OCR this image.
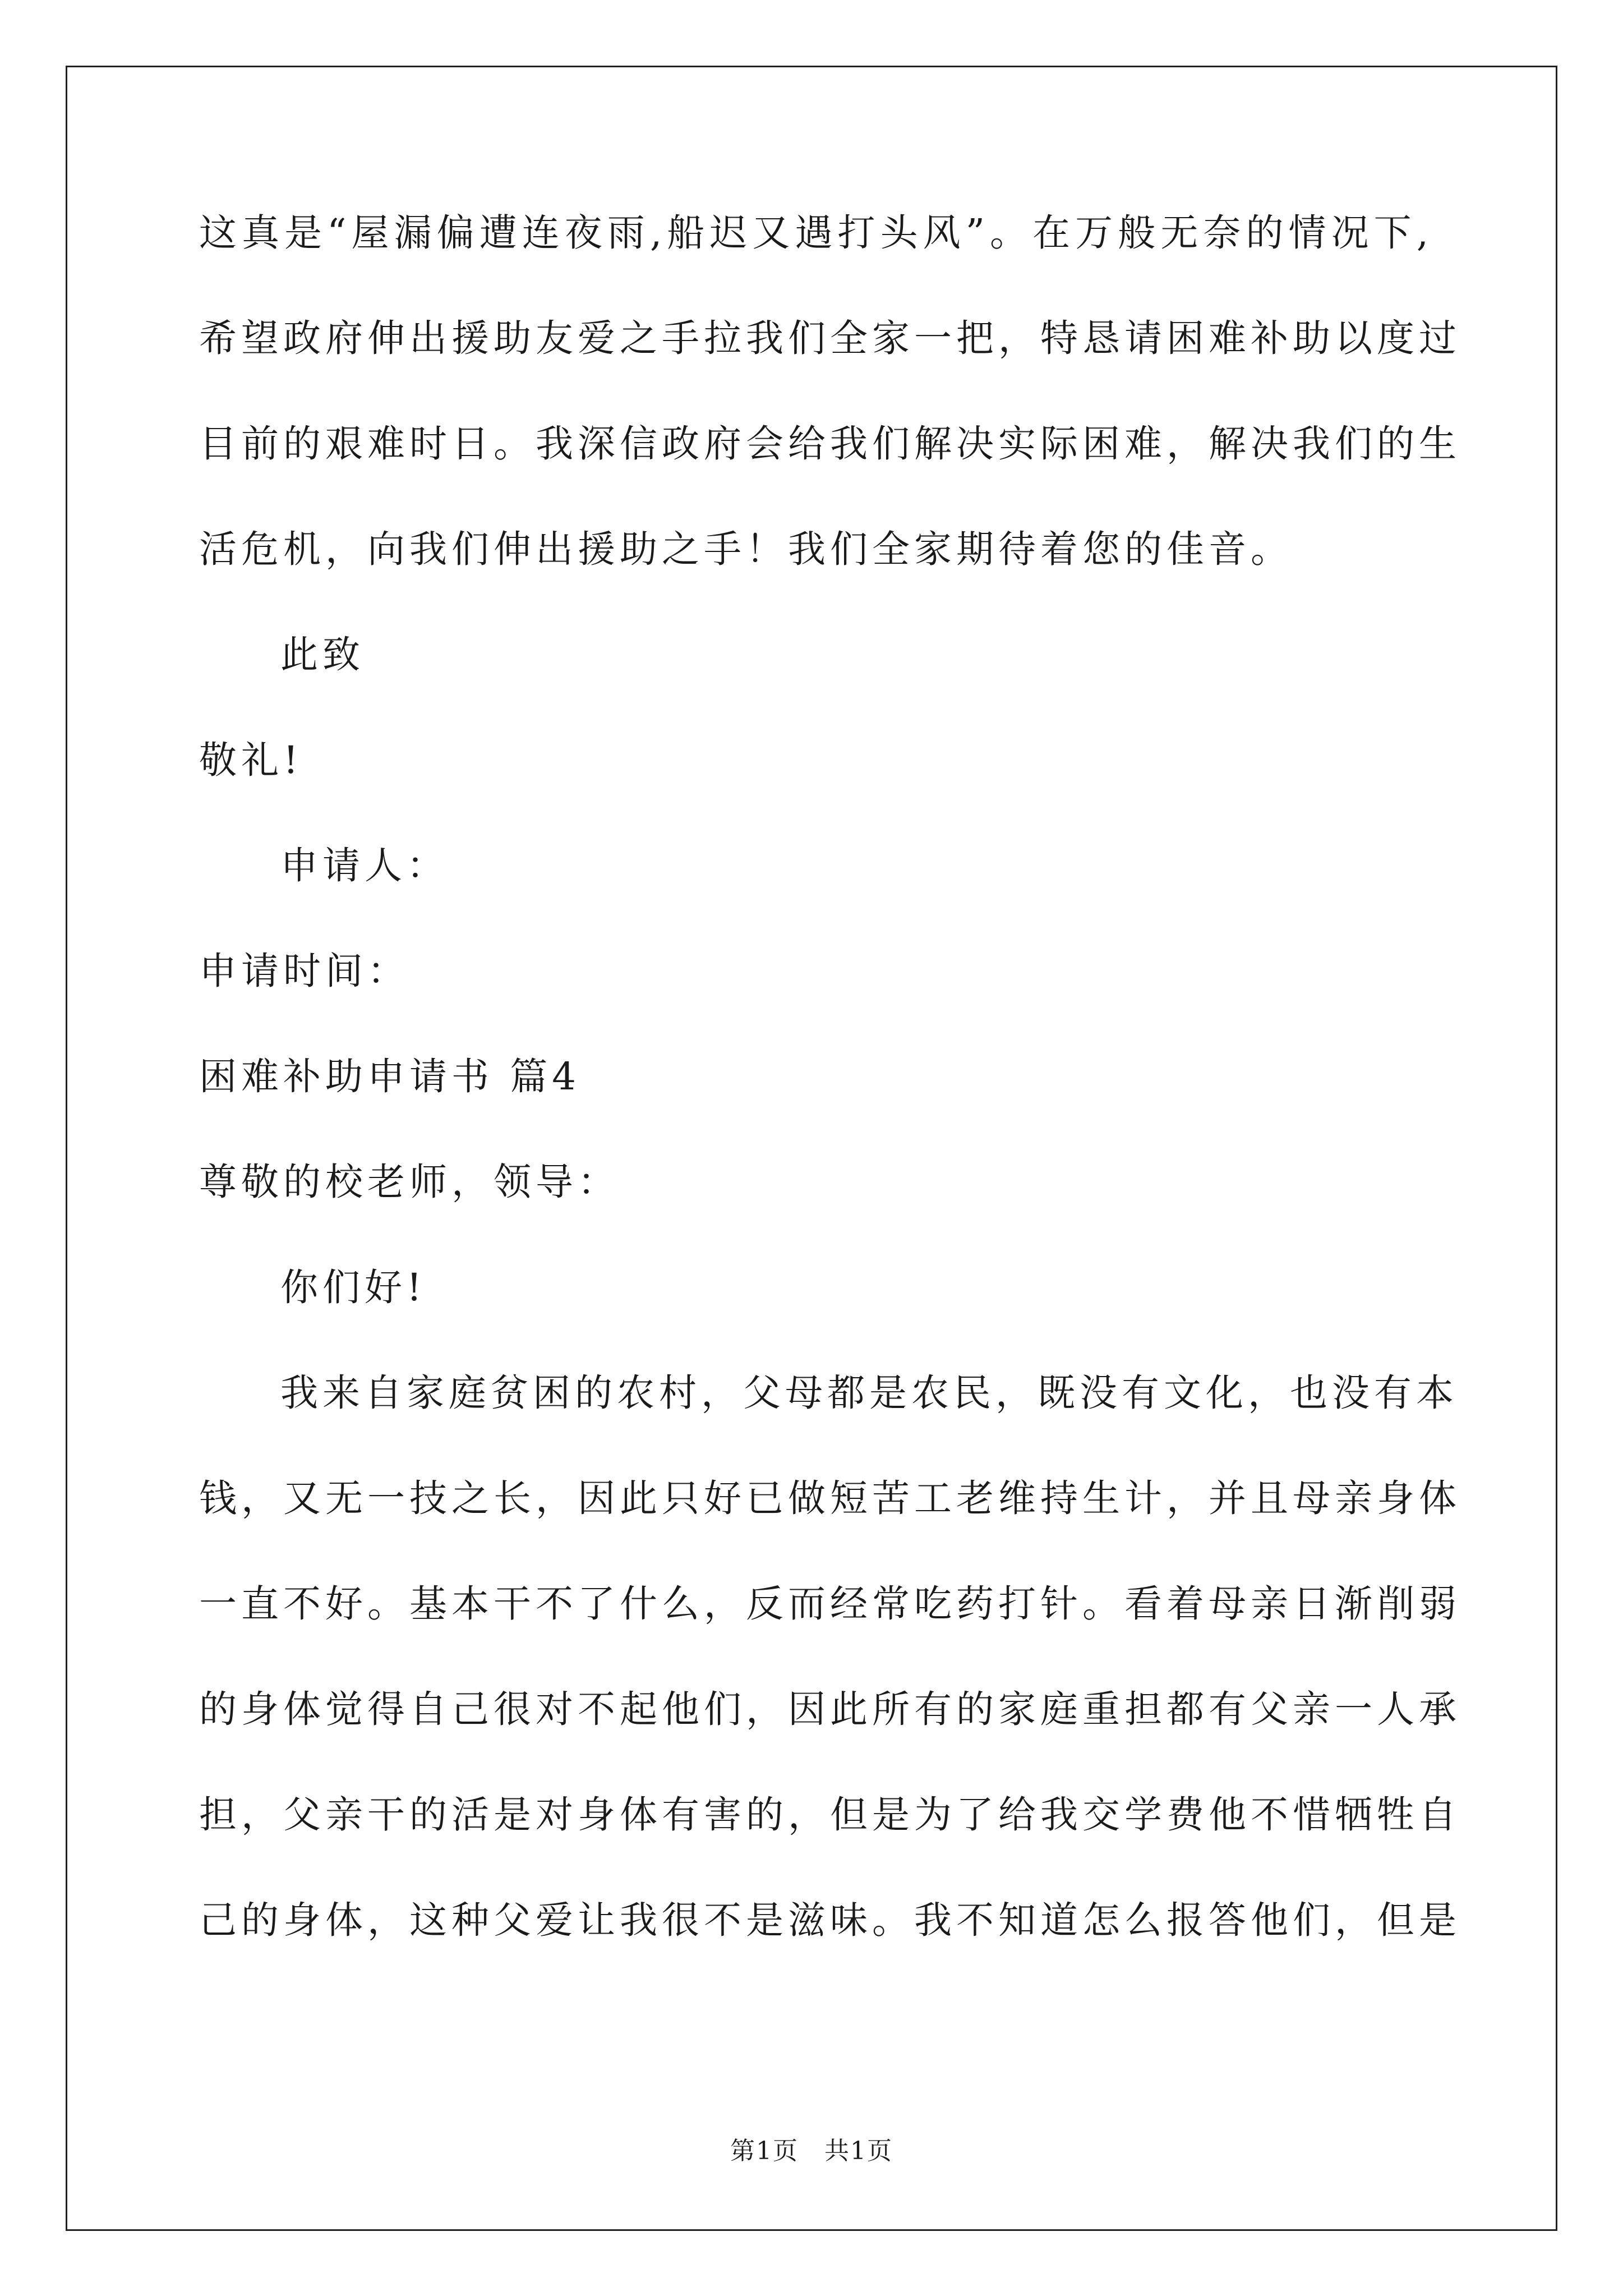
这真是“屋漏偏遭连夜雨,船迟又遇打头风”。在万般无奈的情况下,
希望政府伸出援助友爱之手拉我们全家一把，特恳请困难补助以度过
目前的艰难时日。我深信政府会给我们解决实际困难，解决我们的生
活危机，向我们伸出援助之手！我们全家期待着您的佳音。
此致
敬礼!
申请人：
申请时间：
困难补助申请书 篇4
尊敬的校老师，领导：
你们好!
我来自家庭贫困的农村，父母都是农民，既没有文化，也没有本
钱，又无一技之长，因此只好已做短苦工老维持生计，并且母亲身体
一直不好。基本干不了什么，反而经常吃药打针。看着母亲日渐削弱
的身体觉得自己很对不起他们，因此所有的家庭重担都有父亲一人承
担，父亲干的活是对身体有害的，但是为了给我交学费他不惜牺牲自
己的身体，这种父爱让我很不是滋味。我不知道怎么报答他们，但是
第1页 共1页
